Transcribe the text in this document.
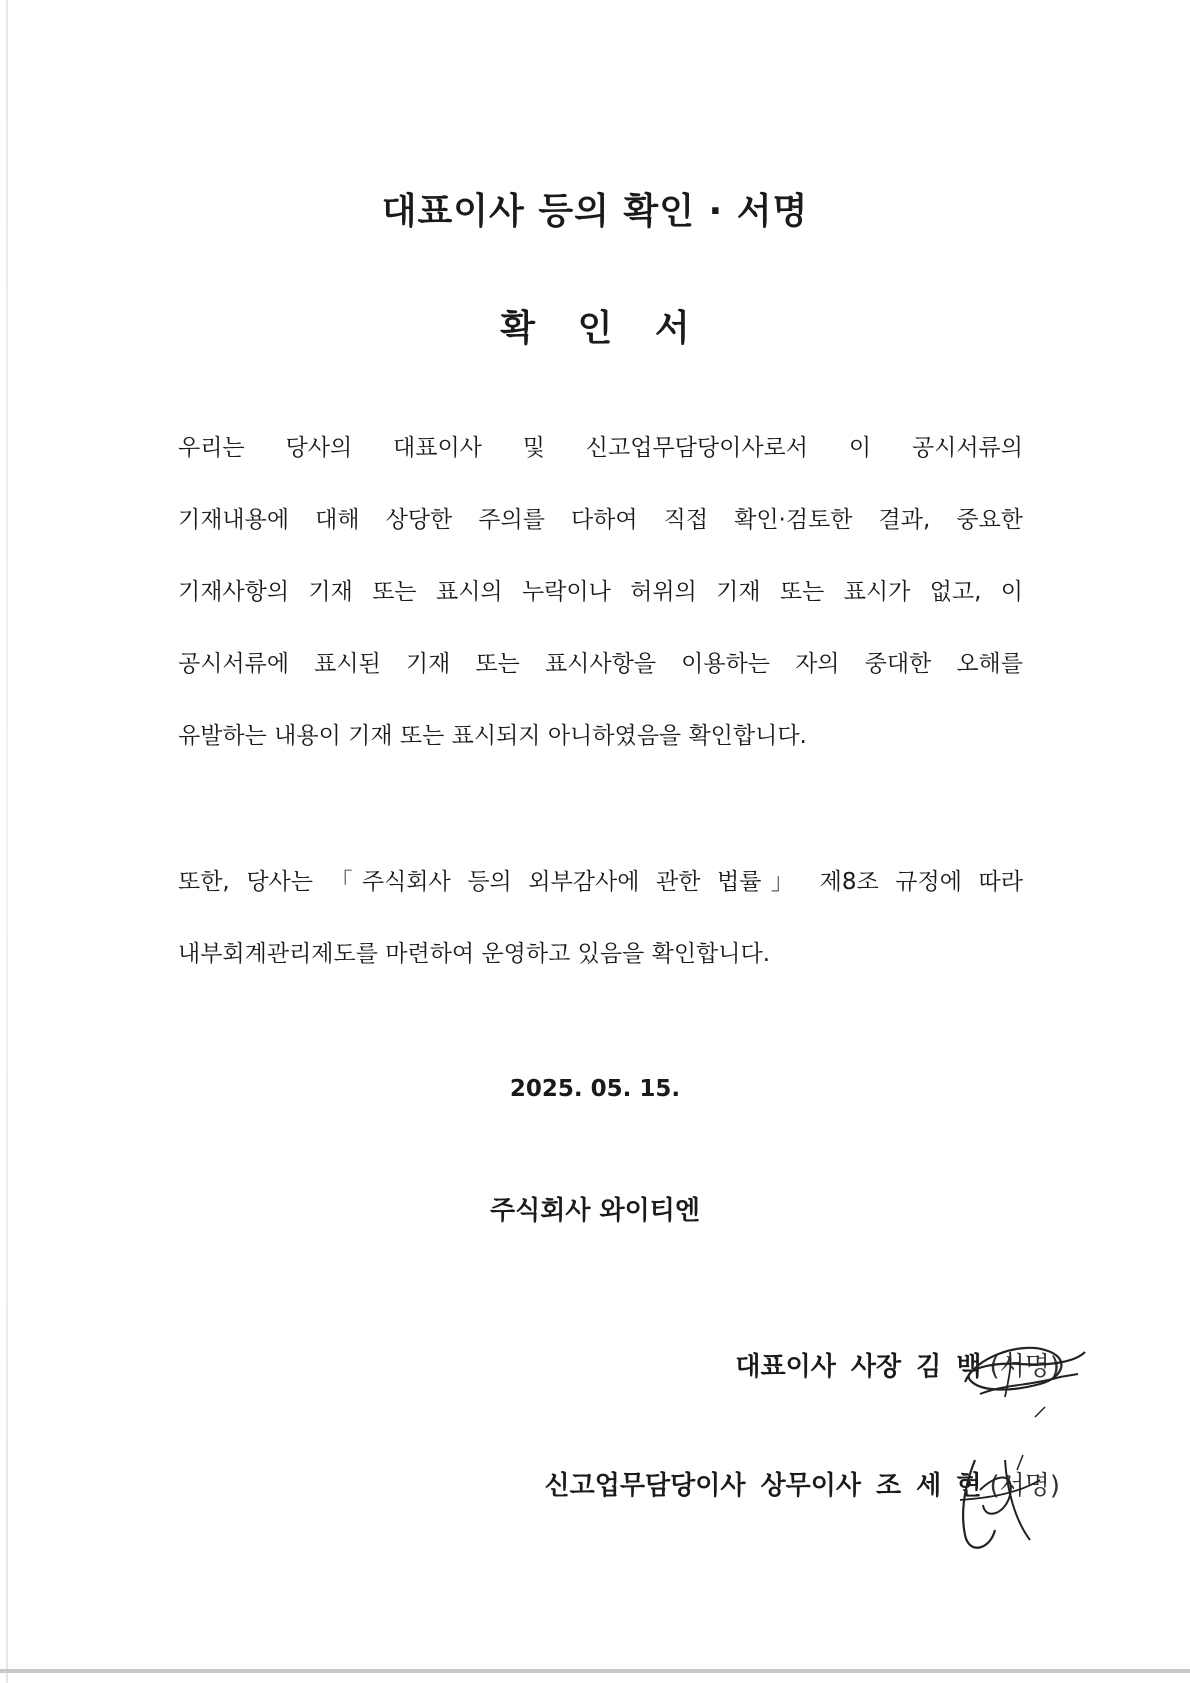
대표이사 등의 확인 · 서명
확 인 서
우리는 당사의 대표이사 및 신고업무담당이사로서 이 공시서류의
기재내용에 대해 상당한 주의를 다하여 직접 확인·검토한 결과, 중요한
기재사항의 기재 또는 표시의 누락이나 허위의 기재 또는 표시가 없고, 이
공시서류에 표시된 기재 또는 표시사항을 이용하는 자의 중대한 오해를
유발하는 내용이 기재 또는 표시되지 아니하였음을 확인합니다.
또한, 당사는 「주식회사 등의 외부감사에 관한 법률」 제8조 규정에 따라
내부회계관리제도를 마련하여 운영하고 있음을 확인합니다.
2025. 05. 15.
주식회사 와이티엔
대표이사 사장 김 백 (서명)
신고업무담당이사 상무이사 조 세 현 (서명)
